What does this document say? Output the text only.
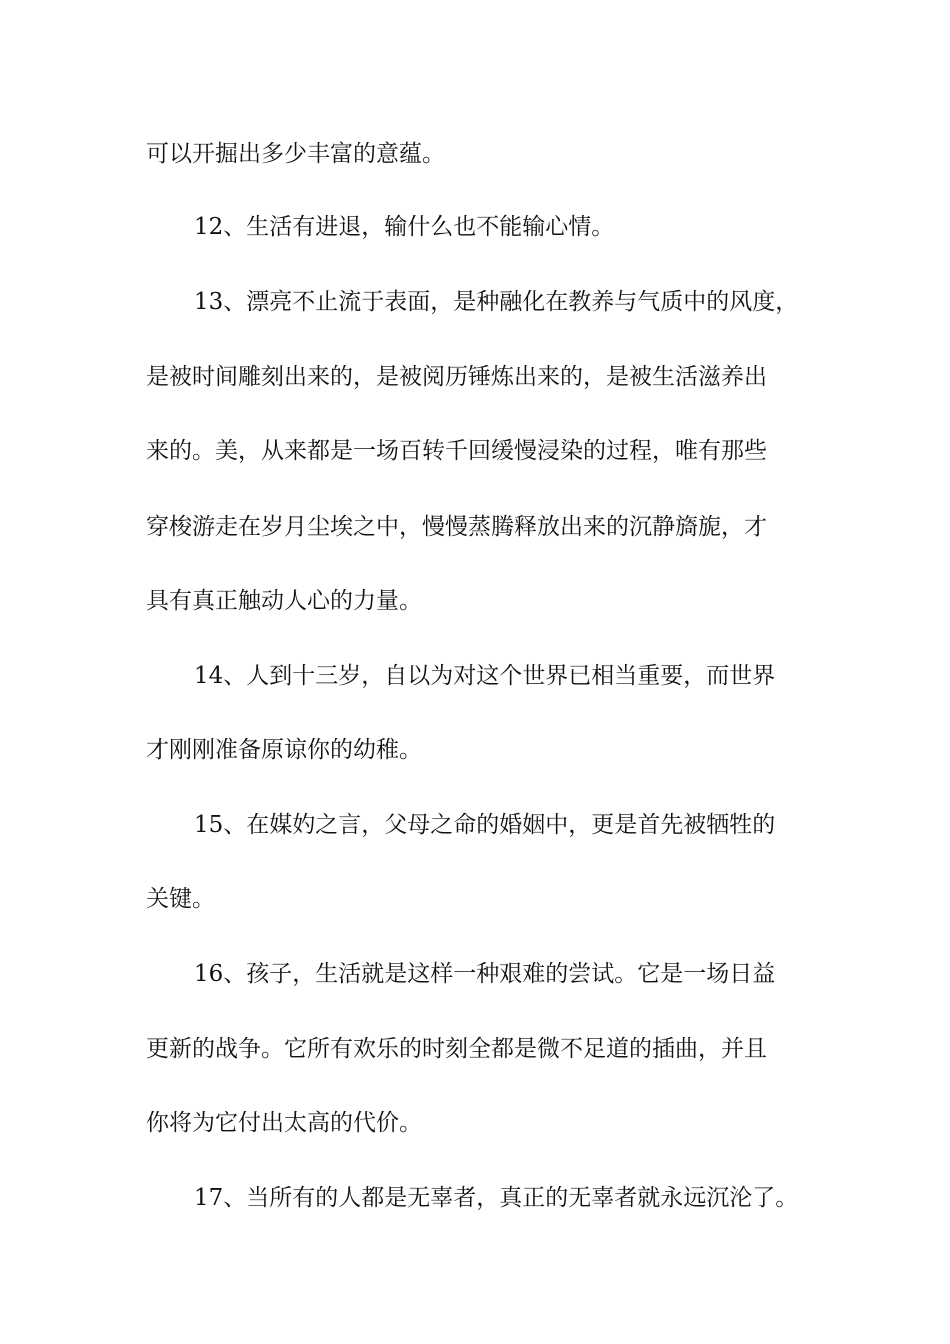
可以开掘出多少丰富的意蕴。
12、生活有进退，输什么也不能输心情。
13、漂亮不止流于表面，是种融化在教养与气质中的风度，
是被时间雕刻出来的，是被阅历锤炼出来的，是被生活滋养出
来的。美，从来都是一场百转千回缓慢浸染的过程，唯有那些
穿梭游走在岁月尘埃之中，慢慢蒸腾释放出来的沉静旖旎，才
具有真正触动人心的力量。
14、人到十三岁，自以为对这个世界已相当重要，而世界
才刚刚准备原谅你的幼稚。
15、在媒妁之言，父母之命的婚姻中，更是首先被牺牲的
关键。
16、孩子，生活就是这样一种艰难的尝试。它是一场日益
更新的战争。它所有欢乐的时刻全都是微不足道的插曲，并且
你将为它付出太高的代价。
17、当所有的人都是无辜者，真正的无辜者就永远沉沦了。
